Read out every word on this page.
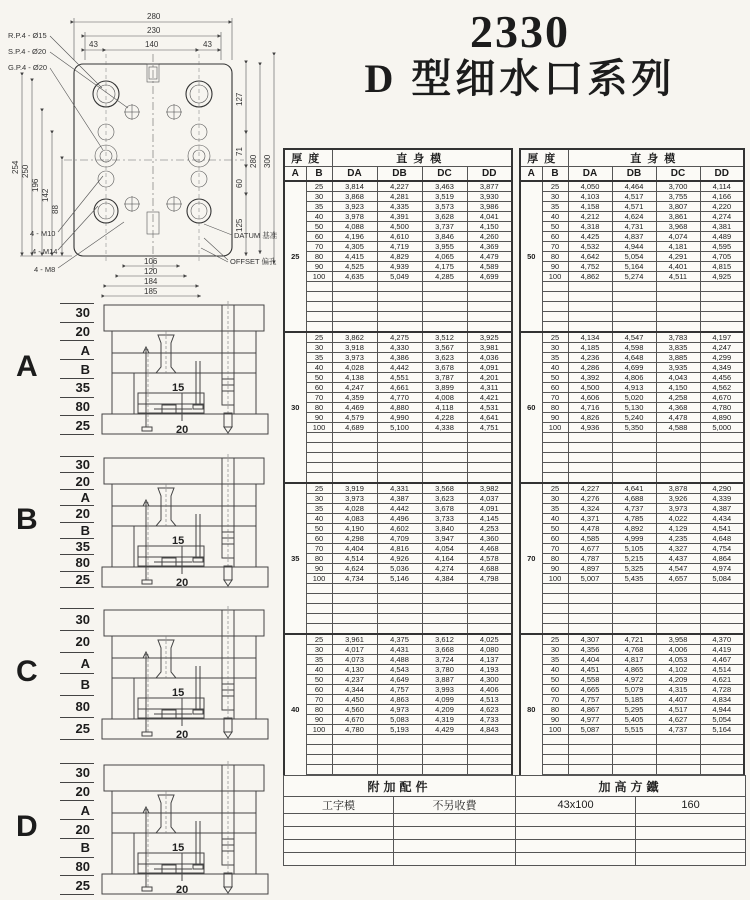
2330
D 型细水口系列
280
230
43	140	43
254 250
196
142
88
127
71
60
125
280 300
106
120
184
185
R.P.4 - Ø15
S.P.4 - Ø20
G.P.4 - Ø20
4 - M10
4 - M14
4 - M8
DATUM 基准
OFFSET 偏孔
厚度		直身模			
A	B	DA	DB	DC	DD
25	25	3,814	4,227	3,463	3,877
	30	3,868	4,281	3,519	3,930
	35	3,923	4,335	3,573	3,986
	40	3,978	4,391	3,628	4,041
	50	4,088	4,500	3,737	4,150
	60	4,196	4,610	3,846	4,260
	70	4,305	4,719	3,955	4,369
	80	4,415	4,829	4,065	4,479
	90	4,525	4,939	4,175	4,589
	100	4,635	5,049	4,285	4,699

30	25	3,862	4,275	3,512	3,925
	30	3,918	4,330	3,567	3,981
	35	3,973	4,386	3,623	4,036
	40	4,028	4,442	3,678	4,091
	50	4,138	4,551	3,787	4,201
	60	4,247	4,661	3,899	4,311
	70	4,359	4,770	4,008	4,421
	80	4,469	4,880	4,118	4,531
	90	4,579	4,990	4,228	4,641
	100	4,689	5,100	4,338	4,751

35	25	3,919	4,331	3,568	3,982
	30	3,973	4,387	3,623	4,037
	35	4,028	4,442	3,678	4,091
	40	4,083	4,496	3,733	4,145
	50	4,190	4,602	3,840	4,253
	60	4,298	4,709	3,947	4,360
	70	4,404	4,816	4,054	4,468
	80	4,514	4,926	4,164	4,578
	90	4,624	5,036	4,274	4,688
	100	4,734	5,146	4,384	4,798

40	25	3,961	4,375	3,612	4,025
	30	4,017	4,431	3,668	4,080
	35	4,073	4,488	3,724	4,137
	40	4,130	4,543	3,780	4,193
	50	4,237	4,649	3,887	4,300
	60	4,344	4,757	3,993	4,406
	70	4,450	4,863	4,099	4,513
	80	4,560	4,973	4,209	4,623
	90	4,670	5,083	4,319	4,733
	100	4,780	5,193	4,429	4,843

厚度		直身模			
A	B	DA	DB	DC	DD
50	25	4,050	4,464	3,700	4,114
	30	4,103	4,517	3,755	4,166
	35	4,158	4,571	3,807	4,220
	40	4,212	4,624	3,861	4,274
	50	4,318	4,731	3,968	4,381
	60	4,425	4,837	4,074	4,489
	70	4,532	4,944	4,181	4,595
	80	4,642	5,054	4,291	4,705
	90	4,752	5,164	4,401	4,815
	100	4,862	5,274	4,511	4,925

60	25	4,134	4,547	3,783	4,197
	30	4,185	4,598	3,835	4,247
	35	4,236	4,648	3,885	4,299
	40	4,286	4,699	3,935	4,349
	50	4,392	4,806	4,043	4,456
	60	4,500	4,913	4,150	4,562
	70	4,606	5,020	4,258	4,670
	80	4,716	5,130	4,368	4,780
	90	4,826	5,240	4,478	4,890
	100	4,936	5,350	4,588	5,000

70	25	4,227	4,641	3,878	4,290
	30	4,276	4,688	3,926	4,339
	35	4,324	4,737	3,973	4,387
	40	4,371	4,785	4,022	4,434
	50	4,478	4,892	4,129	4,541
	60	4,585	4,999	4,235	4,648
	70	4,677	5,105	4,327	4,754
	80	4,787	5,215	4,437	4,864
	90	4,897	5,325	4,547	4,974
	100	5,007	5,435	4,657	5,084

80	25	4,307	4,721	3,958	4,370
	30	4,356	4,768	4,006	4,419
	35	4,404	4,817	4,053	4,467
	40	4,451	4,865	4,102	4,514
	50	4,558	4,972	4,209	4,621
	60	4,665	5,079	4,315	4,728
	70	4,757	5,185	4,407	4,834
	80	4,867	5,295	4,517	4,944
	90	4,977	5,405	4,627	5,054
	100	5,087	5,515	4,737	5,164

附加配件		加高方鐵	
工字模	不另收費	43x100	160

A
30
20
A
B
35
80
25
15
20
B
30
20
A
20
B
35
80
25
15
20
C
30
20
A
B
80
25
15
20
D
30
20
A
20
B
80
25
15
20
